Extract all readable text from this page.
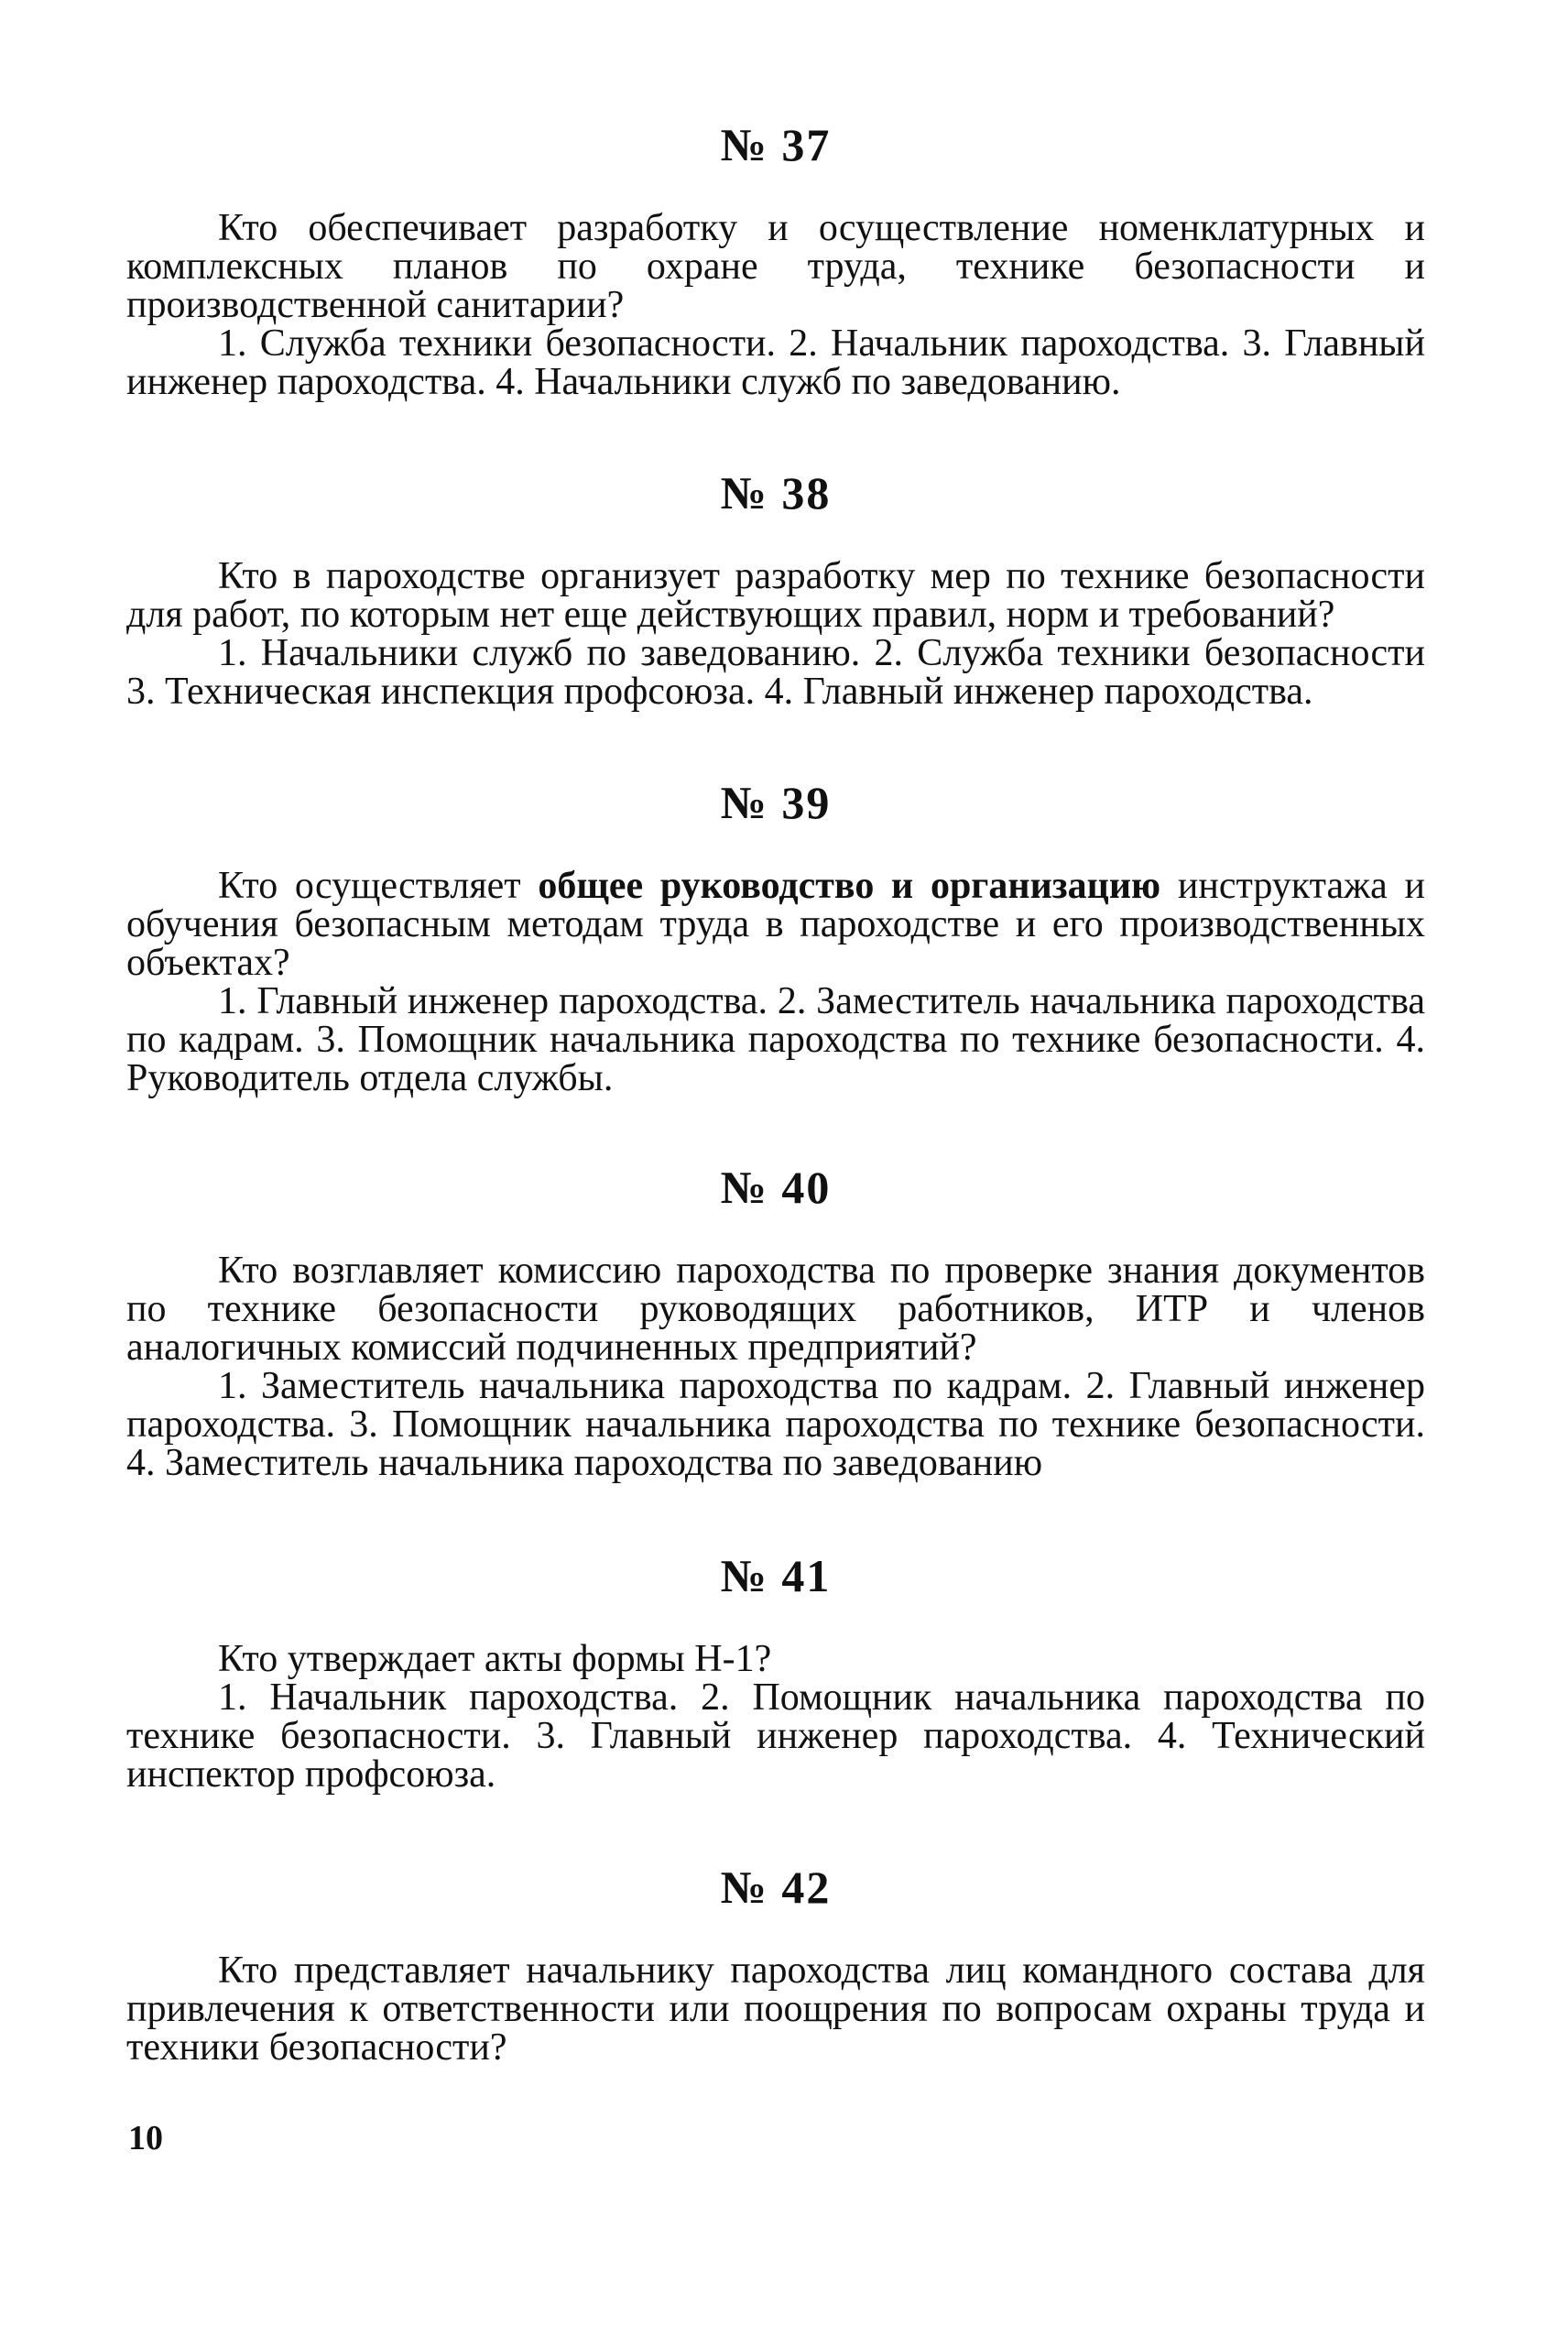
№ 37

Кто обеспечивает разработку и осуществление номенклатурных и комплексных планов по охране труда, технике безопасности и производственной санитарии?

1. Служба техники безопасности. 2. Начальник пароходства. 3. Главный инженер пароходства. 4. Начальники служб по заведованию.

№ 38

Кто в пароходстве организует разработку мер по технике безопасности для работ, по которым нет еще действующих правил, норм и требований?

1. Начальники служб по заведованию. 2. Служба техники безопасности 3. Техническая инспекция профсоюза. 4. Главный инженер пароходства.

№ 39

Кто осуществляет общее руководство и организацию инструктажа и обучения безопасным методам труда в пароходстве и его производственных объектах?

1. Главный инженер пароходства. 2. Заместитель начальника пароходства по кадрам. 3. Помощник начальника пароходства по технике безопасности. 4. Руководитель отдела службы.

№ 40

Кто возглавляет комиссию пароходства по проверке знания документов по технике безопасности руководящих работников, ИТР и членов аналогичных комиссий подчиненных предприятий?

1. Заместитель начальника пароходства по кадрам. 2. Главный инженер пароходства. 3. Помощник начальника пароходства по технике безопасности. 4. Заместитель начальника пароходства по заведованию

№ 41

Кто утверждает акты формы Н-1?

1. Начальник пароходства. 2. Помощник начальника пароходства по технике безопасности. 3. Главный инженер пароходства. 4. Технический инспектор профсоюза.

№ 42

Кто представляет начальнику пароходства лиц командного состава для привлечения к ответственности или поощрения по вопросам охраны труда и техники безопасности?

10
